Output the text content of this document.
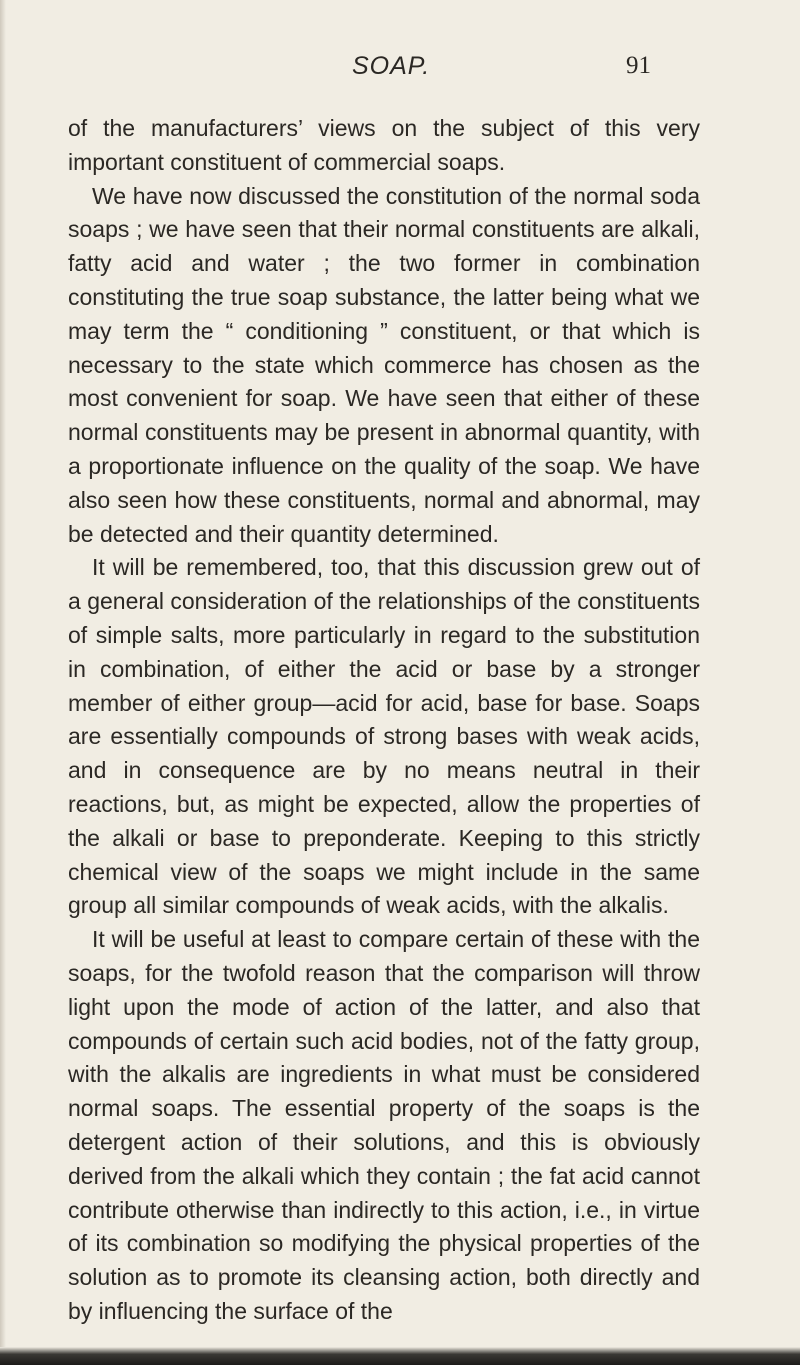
SOAP.	91

of the manufacturers’ views on the subject of this very important constituent of commercial soaps.

We have now discussed the constitution of the normal soda soaps ; we have seen that their normal constituents are alkali, fatty acid and water ; the two former in combination constituting the true soap substance, the latter being what we may term the “ conditioning ” constituent, or that which is necessary to the state which commerce has chosen as the most convenient for soap. We have seen that either of these normal constituents may be present in abnormal quantity, with a proportionate influence on the quality of the soap. We have also seen how these constituents, normal and abnormal, may be detected and their quantity determined.

It will be remembered, too, that this discussion grew out of a general consideration of the relationships of the constituents of simple salts, more particularly in regard to the substitution in combination, of either the acid or base by a stronger member of either group—acid for acid, base for base. Soaps are essentially compounds of strong bases with weak acids, and in consequence are by no means neutral in their reactions, but, as might be expected, allow the properties of the alkali or base to preponderate. Keeping to this strictly chemical view of the soaps we might include in the same group all similar compounds of weak acids, with the alkalis.

It will be useful at least to compare certain of these with the soaps, for the twofold reason that the comparison will throw light upon the mode of action of the latter, and also that compounds of certain such acid bodies, not of the fatty group, with the alkalis are ingredients in what must be considered normal soaps. The essential property of the soaps is the detergent action of their solutions, and this is obviously derived from the alkali which they contain ; the fat acid cannot contribute otherwise than indirectly to this action, i.e., in virtue of its combination so modifying the physical properties of the solution as to promote its cleansing action, both directly and by influencing the surface of the
